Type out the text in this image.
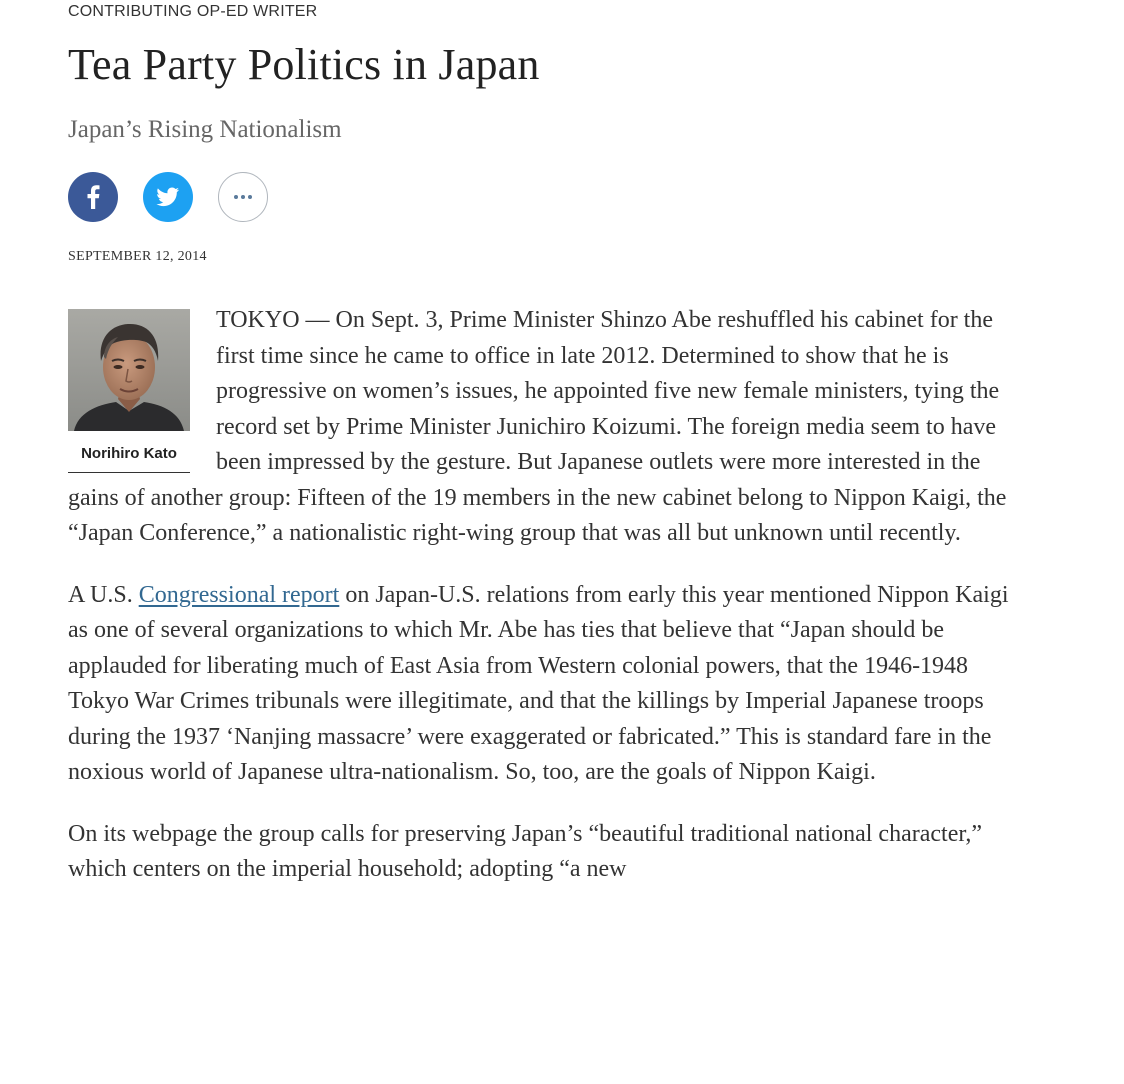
CONTRIBUTING OP-ED WRITER
Tea Party Politics in Japan
Japan’s Rising Nationalism
SEPTEMBER 12, 2014
Norihiro Kato

TOKYO — On Sept. 3, Prime Minister Shinzo Abe reshuffled his cabinet for the first time since he came to office in late 2012. Determined to show that he is progressive on women’s issues, he appointed five new female ministers, tying the record set by Prime Minister Junichiro Koizumi. The foreign media seem to have been impressed by the gesture. But Japanese outlets were more interested in the gains of another group: Fifteen of the 19 members in the new cabinet belong to Nippon Kaigi, the “Japan Conference,” a nationalistic right-wing group that was all but unknown until recently.

A U.S. Congressional report on Japan-U.S. relations from early this year mentioned Nippon Kaigi as one of several organizations to which Mr. Abe has ties that believe that “Japan should be applauded for liberating much of East Asia from Western colonial powers, that the 1946-1948 Tokyo War Crimes tribunals were illegitimate, and that the killings by Imperial Japanese troops during the 1937 ‘Nanjing massacre’ were exaggerated or fabricated.” This is standard fare in the noxious world of Japanese ultra-nationalism. So, too, are the goals of Nippon Kaigi.

On its webpage the group calls for preserving Japan’s “beautiful traditional national character,” which centers on the imperial household; adopting “a new
